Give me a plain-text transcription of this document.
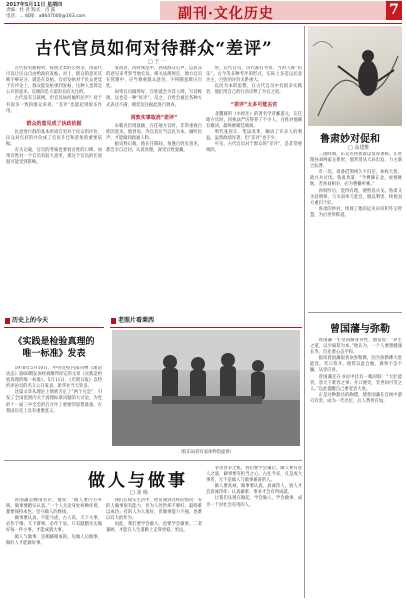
2017年5月11日 星期四
责编：杜 君 版式：肖 露
电话：... 邮箱：a8647000@163.com	副刊·文化历史	7
古代官员如何对待群众“差评”
□ 王 一

古代役吏催税时，按照之类的公函等，由前代可以让民众自由给政府发帖。对上，群众的意见反映不够充分，就是在发帖。官府发帖对于民众更觉于在评论上，群众能发帖事到发帖，这种人也算是公开的意见，反映的是大家的官府关注的。

古代没有互联网，但官员如何倾听民声？对于有很多一致的群众来说，“差评”也能起到很多作用。

群众的意见成了执政依据

民意进行群的基本形成官吏对于民众的评价，民众对官府的评价成了官员升迁和罢免的重要依据。

有关记载，官员的考核也要看百姓的口碑，如果百姓对一个官员有较大意见，那这个官员的仕途很可能受到影响。

发动者，同时规范中，孙成群众心声，以民众的意见来考察当地官员。相关法规规定，地方官员在管理中，应当尊重群众意见，不得随意欺压百姓。

如果官员做得好，百姓就会为其立碑、写诗称颂，这也是一种“好评”。反之，百姓会通过各种方式表达不满，朝廷往往据此进行调查。

周敦实事取消“差评”

宋朝名臣周敦颐，在任地方官时，非常重视百姓的意见。他曾说，为官者应当以民为本，倾听民声，才能做到政通人和。

据史料记载，他在任期间，每逢百姓有意见，都会亲自过问，认真处理，深受百姓爱戴。

帮，后代官员，历代都有考察，当时人称“伯乐”。古今等多种考评的形式，实际上多是以民意为主，百姓的评价关系重大。

以民为本的思想，在古代官员中有很多实践者，他们用自己的行动诠释了为官之道。

“差评”太多可能丢官

北魏赛的《水经注》的著名学者郦道元，在任地方官时，因执法严厉得罪了不少人，百姓对他颇有微词，最终被朝廷调离。

明代张居正，变法改革，触动了许多人的利益，虽然政绩显著，但“差评”也不少。

可见，古代官员对于群众的“差评”，是非常重视的。

历史上的今天
《实践是检验真理的
唯一标准》发表

1978年5月10日，中央党校内部刊物《理论动态》第60期发表经胡耀邦审定的文章《实践是检验真理的唯一标准》。5月11日，《光明日报》以特约评论员的名义公开发表，新华社当天转发。

这篇文章从理论上彻底否定了“两个凡是”，引发了全国范围内关于真理标准问题的大讨论，为党的十一届三中全会的召开作了重要的思想准备，在我国历史上具有重要意义。

老照片看莱西
（股东局持有家体物馆提供）
做人与做事
□ 刘 杨

曾国藩是晚清名臣，他说：“做人要内方外圆，做事要踏实认真。”一个人无论身处何种环境，都要保持本色，坚守做人的底线。

做事要认真，不能马虎。古人说，天下大事，必作于细；天下难事，必作于易。只有踏踏实实做好每一件小事，才能成就大事。

做人与做事，是相辅相成的。先做人后做事，做好人才能做好事。

我们在现实生活中，经常遇到这样的情况：有的人做事很有能力，但为人处世却不够好，最终难以成功；有的人为人很好，但做事能力不强，也难以有大的作为。

因此，我们要学会做人，也要学会做事。二者兼顾，才能在人生道路上走得更稳、更远。

争功善争之机，我们要学会谦让。做人要有容人之量，做事要有担当之心。古往今来，凡是成大事者，无不是做人与做事兼备的人。

做人要真诚，做事要认真。真诚待人，别人才会真诚待你；认真做事，事业才会有所成就。

让我们从现在做起，学会做人，学会做事，成为一个对社会有用的人。

鲁肃妙对促和
□ 高建维

三国时期，东吴名将鲁肃以宽厚著称。在处理孙刘两家关系时，他常常从大局出发，力主联合抗曹。

有一次，刘备借荆州久不归还，孙权大怒，欲兴兵讨伐。鲁肃劝道：“今曹操在北，虎视眈眈，若孙刘相争，必为曹操所乘。”

孙权听后，觉得有理，便暂息兵戈。鲁肃又亲赴荆州，与关羽单刀赴会，晓以利害，终使双方重归于好。

鲁肃的妙对，体现了他的远见卓识和外交智慧，为后世所称道。

曾国藩与弥勒

曾国藩一生崇尚修身养性，他常说：“养生之道，以少恼怒为本。”他认为，一个人要想健康长寿，首先要心态平和。

据说曾国藩很喜欢弥勒佛，因为弥勒佛大肚能容，笑口常开。他常以此自勉，遇事不急不躁，从容应对。

曾国藩还在书房中挂有一幅对联：“大肚能容，容天下难容之事；开口便笑，笑世间可笑之人。”以此提醒自己要宽容大度。

正是这种豁达的胸襟，使曾国藩在官场中游刃有余，成为一代名臣，后人赞誉有加。
